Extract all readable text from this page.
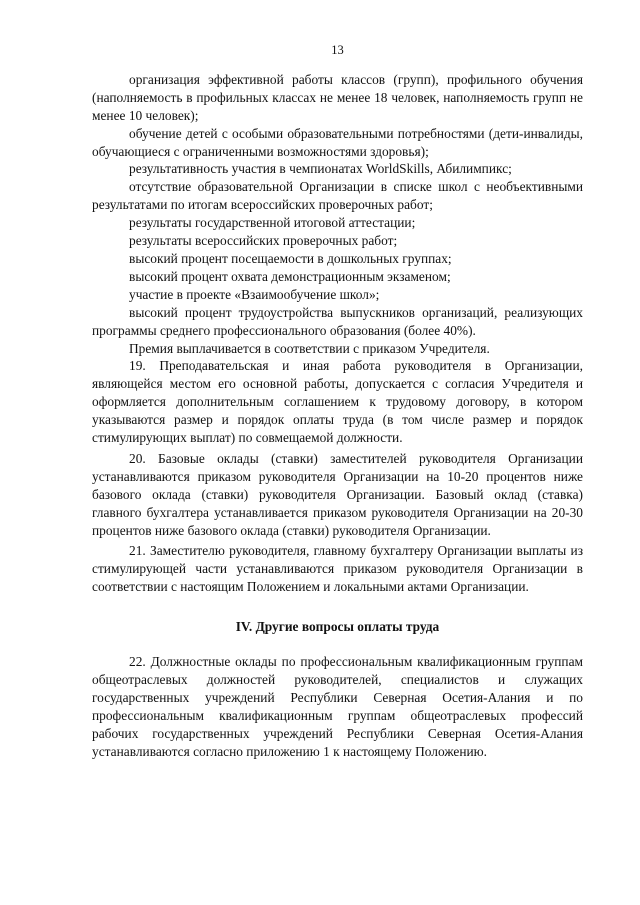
13

организация эффективной работы классов (групп), профильного обучения (наполняемость в профильных классах не менее 18 человек, наполняемость групп не менее 10 человек);

обучение детей с особыми образовательными потребностями (дети-инвалиды, обучающиеся с ограниченными возможностями здоровья);

результативность участия в чемпионатах WorldSkills, Абилимпикс;

отсутствие образовательной Организации в списке школ с необъективными результатами по итогам всероссийских проверочных работ;

результаты государственной итоговой аттестации;

результаты всероссийских проверочных работ;

высокий процент посещаемости в дошкольных группах;

высокий процент охвата демонстрационным экзаменом;

участие в проекте «Взаимообучение школ»;

высокий процент трудоустройства выпускников организаций, реализующих программы среднего профессионального образования (более 40%).

Премия выплачивается в соответствии с приказом Учредителя.

19. Преподавательская и иная работа руководителя в Организации, являющейся местом его основной работы, допускается с согласия Учредителя и оформляется дополнительным соглашением к трудовому договору, в котором указываются размер и порядок оплаты труда (в том числе размер и порядок стимулирующих выплат) по совмещаемой должности.

20. Базовые оклады (ставки) заместителей руководителя Организации устанавливаются приказом руководителя Организации на 10-20 процентов ниже базового оклада (ставки) руководителя Организации. Базовый оклад (ставка) главного бухгалтера устанавливается приказом руководителя Организации на 20-30 процентов ниже базового оклада (ставки) руководителя Организации.

21. Заместителю руководителя, главному бухгалтеру Организации выплаты из стимулирующей части устанавливаются приказом руководителя Организации в соответствии с настоящим Положением и локальными актами Организации.

IV. Другие вопросы оплаты труда

22. Должностные оклады по профессиональным квалификационным группам общеотраслевых должностей руководителей, специалистов и служащих государственных учреждений Республики Северная Осетия-Алания и по профессиональным квалификационным группам общеотраслевых профессий рабочих государственных учреждений Республики Северная Осетия-Алания устанавливаются согласно приложению 1 к настоящему Положению.
